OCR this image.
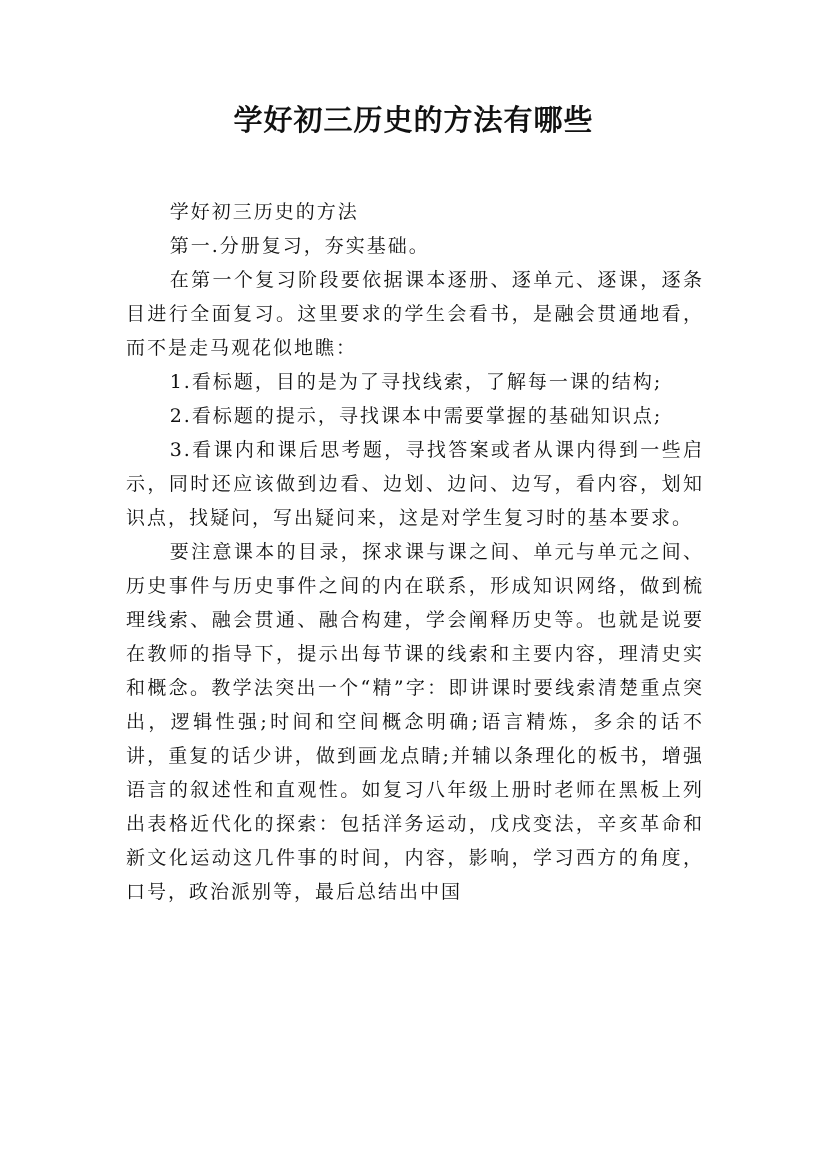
学好初三历史的方法有哪些

学好初三历史的方法

第一.分册复习，夯实基础。

在第一个复习阶段要依据课本逐册、逐单元、逐课，逐条目进行全面复习。这里要求的学生会看书，是融会贯通地看，而不是走马观花似地瞧：

1.看标题，目的是为了寻找线索，了解每一课的结构;

2.看标题的提示，寻找课本中需要掌握的基础知识点;

3.看课内和课后思考题，寻找答案或者从课内得到一些启示，同时还应该做到边看、边划、边问、边写，看内容，划知识点，找疑问，写出疑问来，这是对学生复习时的基本要求。

要注意课本的目录，探求课与课之间、单元与单元之间、历史事件与历史事件之间的内在联系，形成知识网络，做到梳理线索、融会贯通、融合构建，学会阐释历史等。也就是说要在教师的指导下，提示出每节课的线索和主要内容，理清史实和概念。教学法突出一个“精”字：即讲课时要线索清楚重点突出，逻辑性强;时间和空间概念明确;语言精炼，多余的话不讲，重复的话少讲，做到画龙点睛;并辅以条理化的板书，增强语言的叙述性和直观性。如复习八年级上册时老师在黑板上列出表格近代化的探索：包括洋务运动，戊戌变法，辛亥革命和新文化运动这几件事的时间，内容，影响，学习西方的角度，口号，政治派别等，最后总结出中国
